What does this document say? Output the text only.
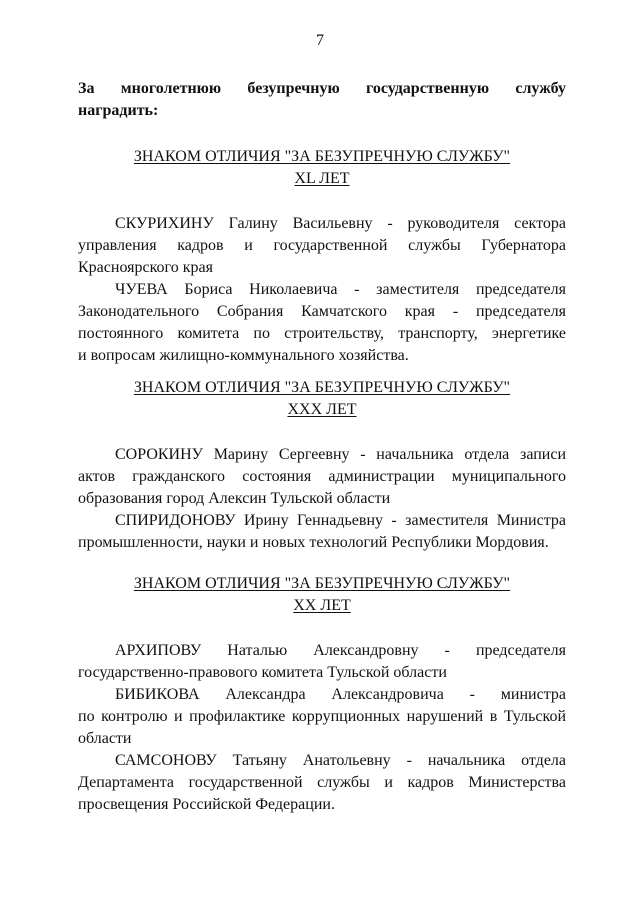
7
За многолетнюю безупречную государственную службу
наградить:

ЗНАКОМ ОТЛИЧИЯ "ЗА БЕЗУПРЕЧНУЮ СЛУЖБУ"
XL ЛЕТ

СКУРИХИНУ Галину Васильевну - руководителя сектора
управления кадров и государственной службы Губернатора
Красноярского края
ЧУЕВА Бориса Николаевича - заместителя председателя
Законодательного Собрания Камчатского края - председателя
постоянного комитета по строительству, транспорту, энергетике
и вопросам жилищно-коммунального хозяйства.

ЗНАКОМ ОТЛИЧИЯ "ЗА БЕЗУПРЕЧНУЮ СЛУЖБУ"
XXX ЛЕТ

СОРОКИНУ Марину Сергеевну - начальника отдела записи
актов гражданского состояния администрации муниципального
образования город Алексин Тульской области
СПИРИДОНОВУ Ирину Геннадьевну - заместителя Министра
промышленности, науки и новых технологий Республики Мордовия.

ЗНАКОМ ОТЛИЧИЯ "ЗА БЕЗУПРЕЧНУЮ СЛУЖБУ"
XX ЛЕТ

АРХИПОВУ Наталью Александровну - председателя
государственно-правового комитета Тульской области
БИБИКОВА Александра Александровича - министра
по контролю и профилактике коррупционных нарушений в Тульской
области
САМСОНОВУ Татьяну Анатольевну - начальника отдела
Департамента государственной службы и кадров Министерства
просвещения Российской Федерации.
